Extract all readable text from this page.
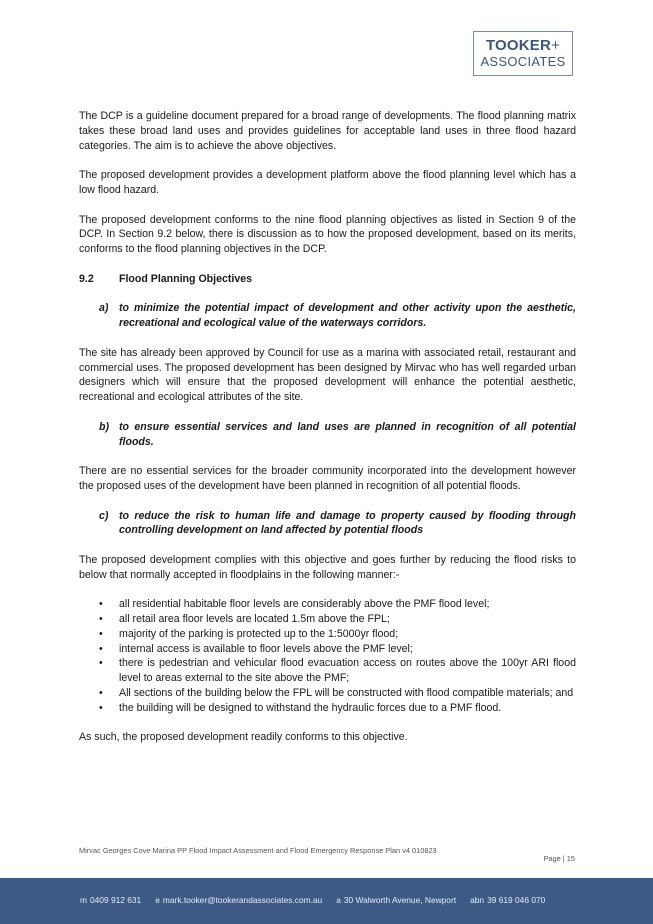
TOOKER+
ASSOCIATES

The DCP is a guideline document prepared for a broad range of developments. The flood planning matrix takes these broad land uses and provides guidelines for acceptable land uses in three flood hazard categories. The aim is to achieve the above objectives.

The proposed development provides a development platform above the flood planning level which has a low flood hazard.

The proposed development conforms to the nine flood planning objectives as listed in Section 9 of the DCP. In Section 9.2 below, there is discussion as to how the proposed development, based on its merits, conforms to the flood planning objectives in the DCP.

9.2	Flood Planning Objectives
a) to minimize the potential impact of development and other activity upon the aesthetic, recreational and ecological value of the waterways corridors.

The site has already been approved by Council for use as a marina with associated retail, restaurant and commercial uses. The proposed development has been designed by Mirvac who has well regarded urban designers which will ensure that the proposed development will enhance the potential aesthetic, recreational and ecological attributes of the site.

b) to ensure essential services and land uses are planned in recognition of all potential floods.

There are no essential services for the broader community incorporated into the development however the proposed uses of the development have been planned in recognition of all potential floods.

c) to reduce the risk to human life and damage to property caused by flooding through controlling development on land affected by potential floods

The proposed development complies with this objective and goes further by reducing the flood risks to below that normally accepted in floodplains in the following manner:-

•	all residential habitable floor levels are considerably above the PMF flood level;
•	all retail area floor levels are located 1.5m above the FPL;
•	majority of the parking is protected up to the 1:5000yr flood;
•	internal access is available to floor levels above the PMF level;
•	there is pedestrian and vehicular flood evacuation access on routes above the 100yr ARI flood level to areas external to the site above the PMF;
•	All sections of the building below the FPL will be constructed with flood compatible materials; and
•	the building will be designed to withstand the hydraulic forces due to a PMF flood.

As such, the proposed development readily conforms to this objective.

Mirvac Georges Cove Marina PP Flood Impact Assessment and Flood Emergency Response Plan v4 010823
Page | 15
m 0409 912 631 e mark.tooker@tookerandassociates.com.au a 30 Walworth Avenue, Newport abn 39 619 046 070
